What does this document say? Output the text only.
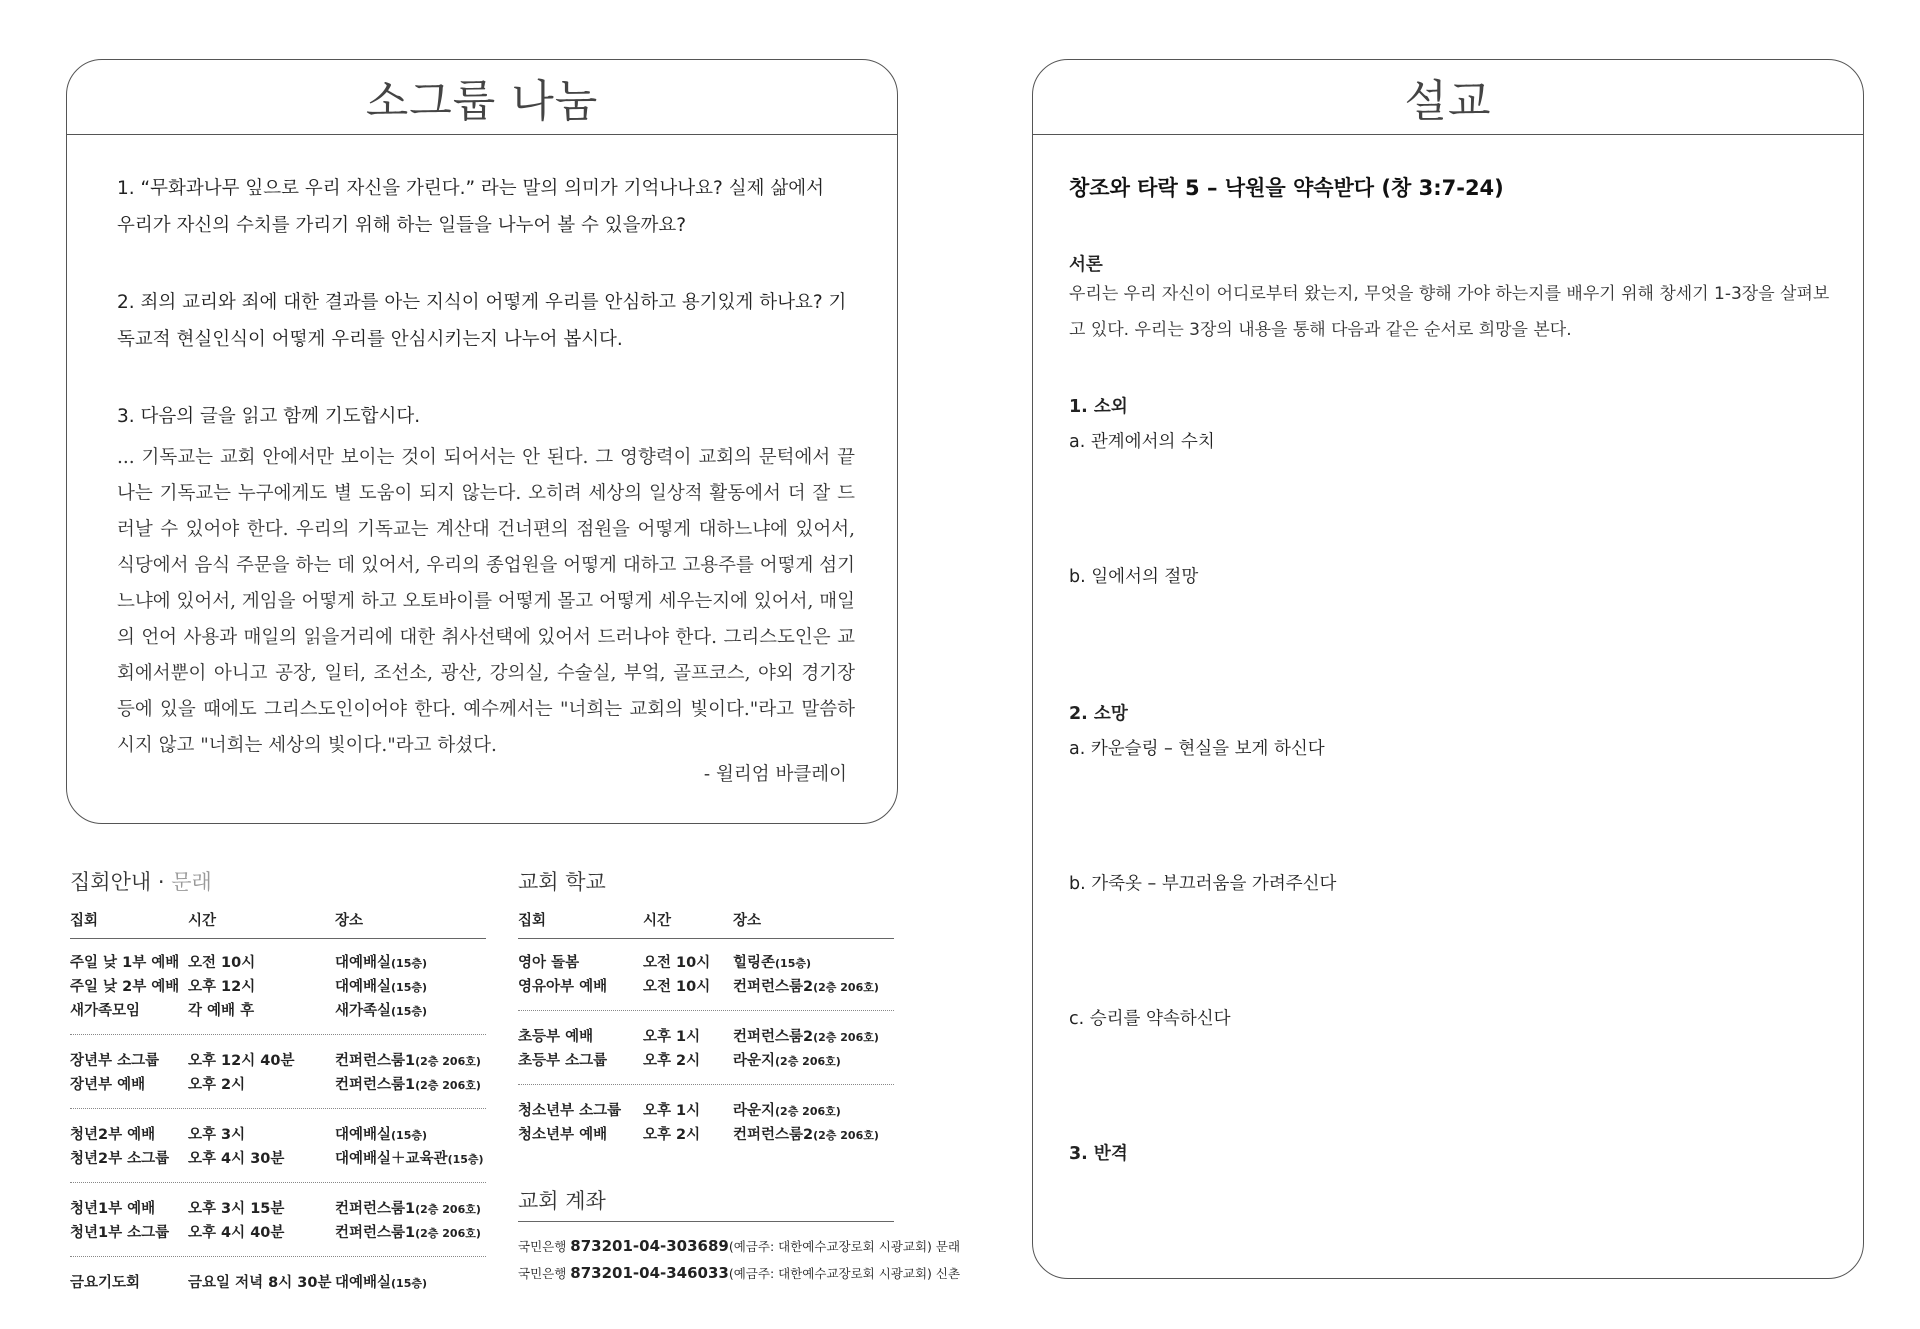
소그룹 나눔
1. “무화과나무 잎으로 우리 자신을 가린다.” 라는 말의 의미가 기억나나요? 실제 삶에서 우리가 자신의 수치를 가리기 위해 하는 일들을 나누어 볼 수 있을까요?
2. 죄의 교리와 죄에 대한 결과를 아는 지식이 어떻게 우리를 안심하고 용기있게 하나요? 기독교적 현실인식이 어떻게 우리를 안심시키는지 나누어 봅시다.
3. 다음의 글을 읽고 함께 기도합시다.
... 기독교는 교회 안에서만 보이는 것이 되어서는 안 된다. 그 영향력이 교회의 문턱에서 끝나는 기독교는 누구에게도 별 도움이 되지 않는다. 오히려 세상의 일상적 활동에서 더 잘 드러날 수 있어야 한다. 우리의 기독교는 계산대 건너편의 점원을 어떻게 대하느냐에 있어서, 식당에서 음식 주문을 하는 데 있어서, 우리의 종업원을 어떻게 대하고 고용주를 어떻게 섬기느냐에 있어서, 게임을 어떻게 하고 오토바이를 어떻게 몰고 어떻게 세우는지에 있어서, 매일의 언어 사용과 매일의 읽을거리에 대한 취사선택에 있어서 드러나야 한다. 그리스도인은 교회에서뿐이 아니고 공장, 일터, 조선소, 광산, 강의실, 수술실, 부엌, 골프코스, 야외 경기장 등에 있을 때에도 그리스도인이어야 한다. 예수께서는 "너희는 교회의 빛이다."라고 말씀하시지 않고 "너희는 세상의 빛이다."라고 하셨다.
- 윌리엄 바클레이
집회안내 · 문래
집회	시간	장소
주일 낮 1부 예배	오전 10시	대예배실(15층)
주일 낮 2부 예배	오후 12시	대예배실(15층)
새가족모임	각 예배 후	새가족실(15층)

장년부 소그룹	오후 12시 40분	컨퍼런스룸1(2층 206호)
장년부 예배	오후 2시	컨퍼런스룸1(2층 206호)

청년2부 예배	오후 3시	대예배실(15층)
청년2부 소그룹	오후 4시 30분	대예배실＋교육관(15층)

청년1부 예배	오후 3시 15분	컨퍼런스룸1(2층 206호)
청년1부 소그룹	오후 4시 40분	컨퍼런스룸1(2층 206호)

금요기도회	금요일 저녁 8시 30분	대예배실(15층)
교회 학교
집회	시간	장소
영아 돌봄	오전 10시	힐링존(15층)
영유아부 예배	오전 10시	컨퍼런스룸2(2층 206호)

초등부 예배	오후 1시	컨퍼런스룸2(2층 206호)
초등부 소그룹	오후 2시	라운지(2층 206호)

청소년부 소그룹	오후 1시	라운지(2층 206호)
청소년부 예배	오후 2시	컨퍼런스룸2(2층 206호)
교회 계좌
국민은행 873201-04-303689(예금주: 대한예수교장로회 시광교회) 문래
국민은행 873201-04-346033(예금주: 대한예수교장로회 시광교회) 신촌
설교
창조와 타락 5 – 낙원을 약속받다 (창 3:7-24)
서론
우리는 우리 자신이 어디로부터 왔는지, 무엇을 향해 가야 하는지를 배우기 위해 창세기 1-3장을 살펴보고 있다. 우리는 3장의 내용을 통해 다음과 같은 순서로 희망을 본다.
1. 소외
a. 관계에서의 수치
b. 일에서의 절망
2. 소망
a. 카운슬링 – 현실을 보게 하신다
b. 가죽옷 – 부끄러움을 가려주신다
c. 승리를 약속하신다
3. 반격
